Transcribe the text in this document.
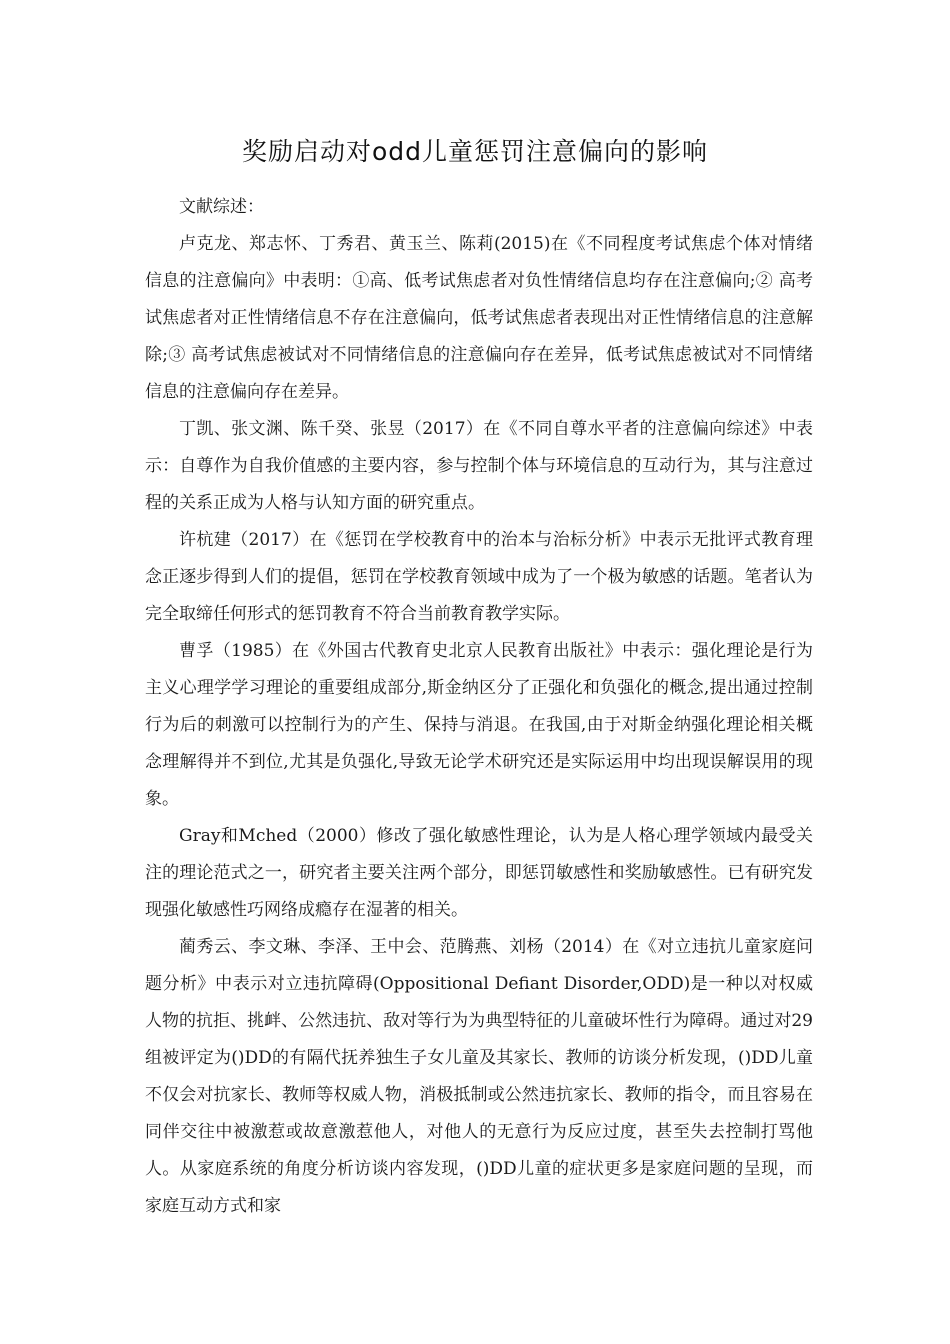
奖励启动对odd儿童惩罚注意偏向的影响

文献综述：

卢克龙、郑志怀、丁秀君、黄玉兰、陈莉(2015)在《不同程度考试焦虑个体对情绪信息的注意偏向》中表明：①高、低考试焦虑者对负性情绪信息均存在注意偏向;② 高考试焦虑者对正性情绪信息不存在注意偏向，低考试焦虑者表现出对正性情绪信息的注意解除;③ 高考试焦虑被试对不同情绪信息的注意偏向存在差异，低考试焦虑被试对不同情绪信息的注意偏向存在差异。

丁凯、张文渊、陈千癸、张昱（2017）在《不同自尊水平者的注意偏向综述》中表示：自尊作为自我价值感的主要内容，参与控制个体与环境信息的互动行为，其与注意过程的关系正成为人格与认知方面的研究重点。

许杭建（2017）在《惩罚在学校教育中的治本与治标分析》中表示无批评式教育理念正逐步得到人们的提倡，惩罚在学校教育领域中成为了一个极为敏感的话题。笔者认为完全取缔任何形式的惩罚教育不符合当前教育教学实际。

曹孚（1985）在《外国古代教育史北京人民教育出版社》中表示：强化理论是行为主义心理学学习理论的重要组成部分,斯金纳区分了正强化和负强化的概念,提出通过控制行为后的刺激可以控制行为的产生、保持与消退。在我国,由于对斯金纳强化理论相关概念理解得并不到位,尤其是负强化,导致无论学术研究还是实际运用中均出现误解误用的现象。

Gray和Mched（2000）修改了强化敏感性理论，认为是人格心理学领域内最受关注的理论范式之一，研究者主要关注两个部分，即惩罚敏感性和奖励敏感性。已有研究发现强化敏感性巧网络成瘾存在湿著的相关。

蔺秀云、李文琳、李泽、王中会、范腾燕、刘杨（2014）在《对立违抗儿童家庭问题分析》中表示对立违抗障碍(Oppositional Defiant Disorder,ODD)是一种以对权威人物的抗拒、挑衅、公然违抗、敌对等行为为典型特征的儿童破坏性行为障碍。通过对29组被评定为()DD的有隔代抚养独生子女儿童及其家长、教师的访谈分析发现，()DD儿童不仅会对抗家长、教师等权威人物，消极抵制或公然违抗家长、教师的指令，而且容易在同伴交往中被激惹或故意激惹他人，对他人的无意行为反应过度，甚至失去控制打骂他人。从家庭系统的角度分析访谈内容发现，()DD儿童的症状更多是家庭问题的呈现，而家庭互动方式和家
